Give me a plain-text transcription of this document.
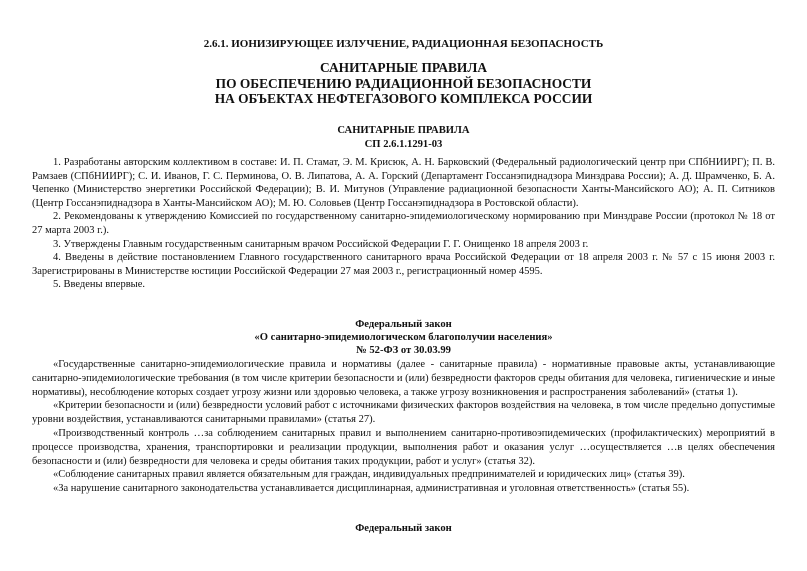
2.6.1. ИОНИЗИРУЮЩЕЕ ИЗЛУЧЕНИЕ, РАДИАЦИОННАЯ БЕЗОПАСНОСТЬ

САНИТАРНЫЕ ПРАВИЛА

ПО ОБЕСПЕЧЕНИЮ РАДИАЦИОННОЙ БЕЗОПАСНОСТИ

НА ОБЪЕКТАХ НЕФТЕГАЗОВОГО КОМПЛЕКСА РОССИИ

САНИТАРНЫЕ ПРАВИЛА

СП 2.6.1.1291-03

1. Разработаны авторским коллективом в составе: И. П. Стамат, Э. М. Крисюк, А. Н. Барковский (Федеральный радиологический центр при СПбНИИРГ); П. В. Рамзаев (СПбНИИРГ); С. И. Иванов, Г. С. Перминова, О. В. Липатова, А. А. Горский (Департамент Госсанэпиднадзора Минздрава России); А. Д. Шрамченко, Б. А. Чепенко (Министерство энергетики Российской Федерации); В. И. Митунов (Управление радиационной безопасности Ханты-Мансийского АО); А. П. Ситников (Центр Госсанэпиднадзора в Ханты-Мансийском АО); М. Ю. Соловьев (Центр Госсанэпиднадзора в Ростовской области).

2. Рекомендованы к утверждению Комиссией по государственному санитарно-эпидемиологическому нормированию при Минздраве России (протокол № 18 от 27 марта 2003 г.).

3. Утверждены Главным государственным санитарным врачом Российской Федерации Г. Г. Онищенко 18 апреля 2003 г.

4. Введены в действие постановлением Главного государственного санитарного врача Российской Федерации от 18 апреля 2003 г. № 57 с 15 июня 2003 г. Зарегистрированы в Министерстве юстиции Российской Федерации 27 мая 2003 г., регистрационный номер 4595.

5. Введены впервые.

Федеральный закон

«О санитарно-эпидемиологическом благополучии населения»

№ 52-ФЗ от 30.03.99

«Государственные санитарно-эпидемиологические правила и нормативы (далее - санитарные правила) - нормативные правовые акты, устанавливающие санитарно-эпидемиологические требования (в том числе критерии безопасности и (или) безвредности факторов среды обитания для человека, гигиенические и иные нормативы), несоблюдение которых создает угрозу жизни или здоровью человека, а также угрозу возникновения и распространения заболеваний» (статья 1).

«Критерии безопасности и (или) безвредности условий работ с источниками физических факторов воздействия на человека, в том числе предельно допустимые уровни воздействия, устанавливаются санитарными правилами» (статья 27).

«Производственный контроль …за соблюдением санитарных правил и выполнением санитарно-противоэпидемических (профилактических) мероприятий в процессе производства, хранения, транспортировки и реализации продукции, выполнения работ и оказания услуг …осуществляется …в целях обеспечения безопасности и (или) безвредности для человека и среды обитания таких продукции, работ и услуг» (статья 32).

«Соблюдение санитарных правил является обязательным для граждан, индивидуальных предпринимателей и юридических лиц» (статья 39).

«За нарушение санитарного законодательства устанавливается дисциплинарная, административная и уголовная ответственность» (статья 55).

Федеральный закон
